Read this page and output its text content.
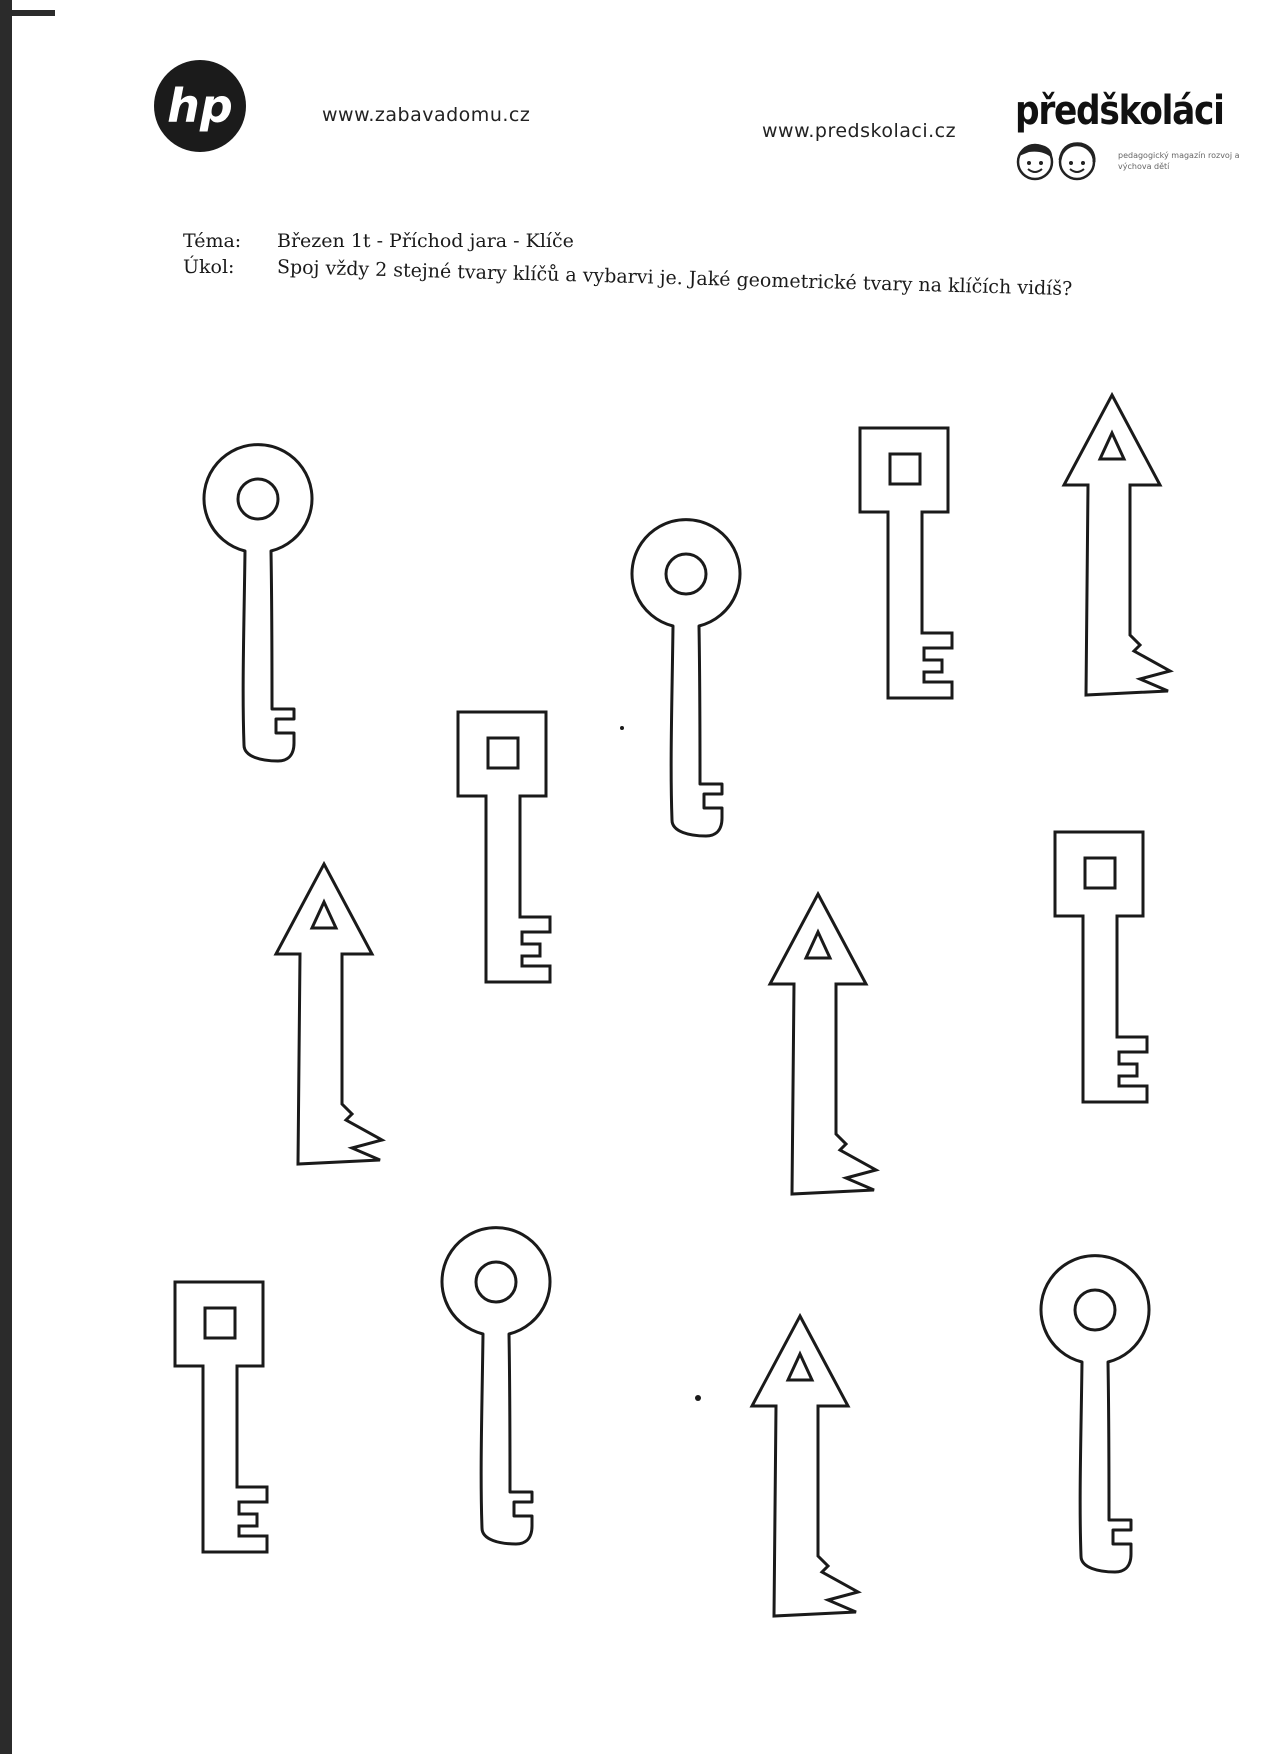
hp	www.zabavadomu.cz
www.predskolaci.cz předškoláci
pedagogický magazín rozvoj a výchova dětí
Téma: Březen 1t - Příchod jara - Klíče
Úkol: Spoj vždy 2 stejné tvary klíčů a vybarvi je. Jaké geometrické tvary na klíčích vidíš?
